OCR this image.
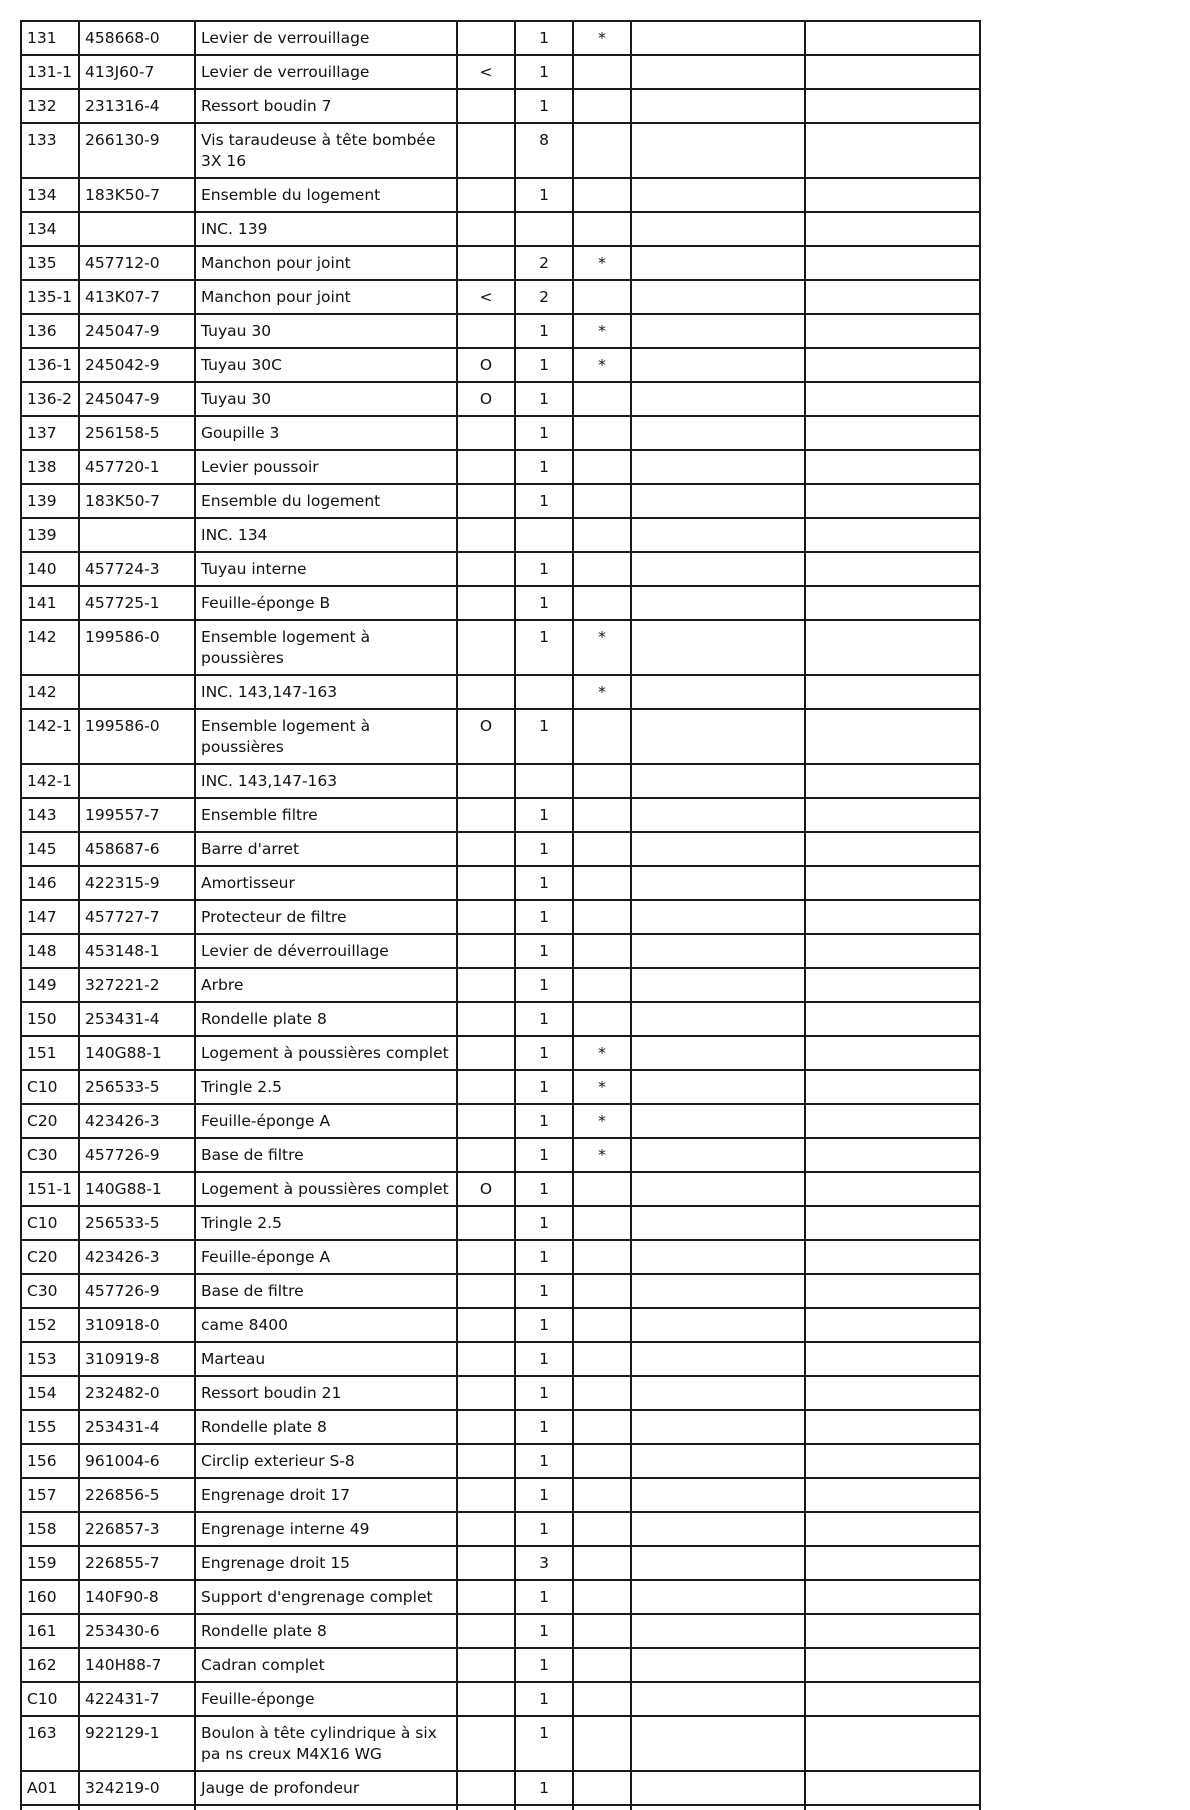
131	458668-0	Levier de verrouillage		1	*		
131-1	413J60-7	Levier de verrouillage	<	1			
132	231316-4	Ressort boudin 7		1			
133	266130-9	Vis taraudeuse à tête bombée 3X 16		8			
134	183K50-7	Ensemble du logement		1			
134		INC. 139					
135	457712-0	Manchon pour joint		2	*		
135-1	413K07-7	Manchon pour joint	<	2			
136	245047-9	Tuyau 30		1	*		
136-1	245042-9	Tuyau 30C	O	1	*		
136-2	245047-9	Tuyau 30	O	1			
137	256158-5	Goupille 3		1			
138	457720-1	Levier poussoir		1			
139	183K50-7	Ensemble du logement		1			
139		INC. 134					
140	457724-3	Tuyau interne		1			
141	457725-1	Feuille-éponge B		1			
142	199586-0	Ensemble logement à poussières		1	*		
142		INC. 143,147-163			*		
142-1	199586-0	Ensemble logement à poussières	O	1			
142-1		INC. 143,147-163					
143	199557-7	Ensemble filtre		1			
145	458687-6	Barre d'arret		1			
146	422315-9	Amortisseur		1			
147	457727-7	Protecteur de filtre		1			
148	453148-1	Levier de déverrouillage		1			
149	327221-2	Arbre		1			
150	253431-4	Rondelle plate 8		1			
151	140G88-1	Logement à poussières complet		1	*		
C10	256533-5	Tringle 2.5		1	*		
C20	423426-3	Feuille-éponge A		1	*		
C30	457726-9	Base de filtre		1	*		
151-1	140G88-1	Logement à poussières complet	O	1			
C10	256533-5	Tringle 2.5		1			
C20	423426-3	Feuille-éponge A		1			
C30	457726-9	Base de filtre		1			
152	310918-0	came 8400		1			
153	310919-8	Marteau		1			
154	232482-0	Ressort boudin 21		1			
155	253431-4	Rondelle plate 8		1			
156	961004-6	Circlip exterieur S-8		1			
157	226856-5	Engrenage droit 17		1			
158	226857-3	Engrenage interne 49		1			
159	226855-7	Engrenage droit 15		3			
160	140F90-8	Support d'engrenage complet		1			
161	253430-6	Rondelle plate 8		1			
162	140H88-7	Cadran complet		1			
C10	422431-7	Feuille-éponge		1			
163	922129-1	Boulon à tête cylindrique à six pa ns creux M4X16 WG		1			
A01	324219-0	Jauge de profondeur		1			
